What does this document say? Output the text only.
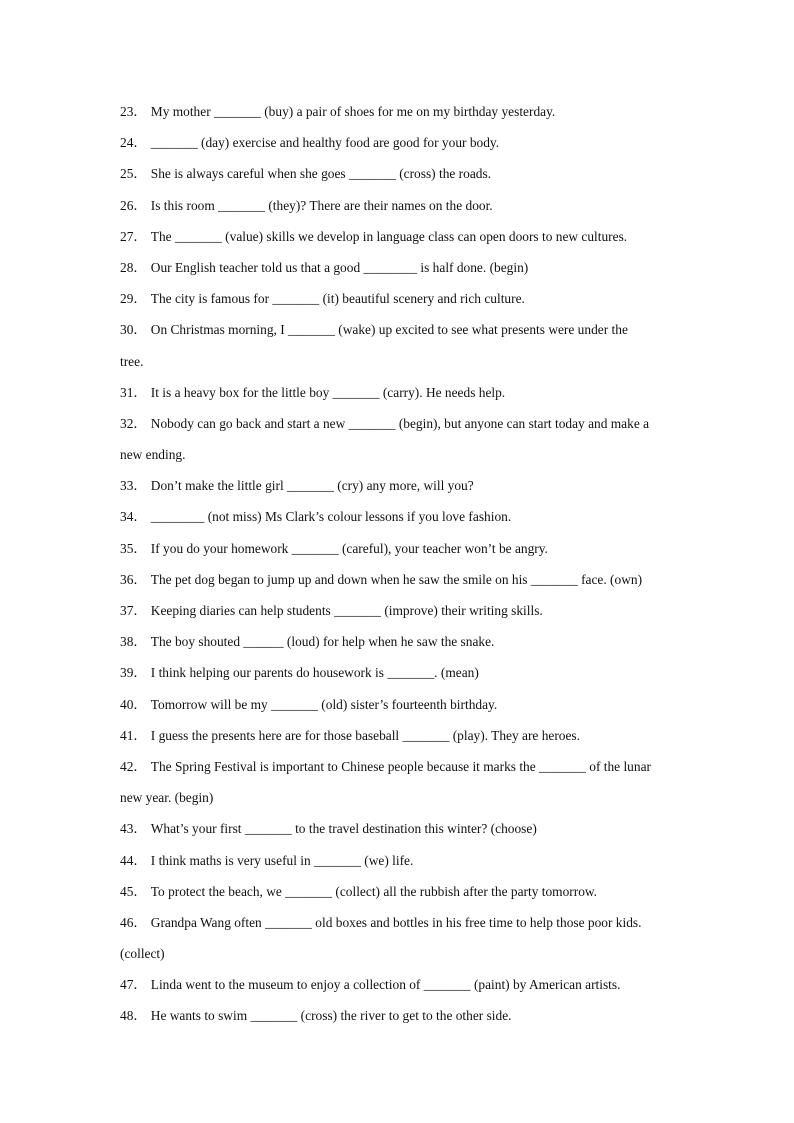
23． My mother _______ (buy) a pair of shoes for me on my birthday yesterday.
24． _______ (day) exercise and healthy food are good for your body.
25． She is always careful when she goes _______ (cross) the roads.
26． Is this room _______ (they)? There are their names on the door.
27． The _______ (value) skills we develop in language class can open doors to new cultures.
28． Our English teacher told us that a good ________ is half done. (begin)
29． The city is famous for _______ (it) beautiful scenery and rich culture.
30． On Christmas morning, I _______ (wake) up excited to see what presents were under the
tree.
31． It is a heavy box for the little boy _______ (carry). He needs help.
32． Nobody can go back and start a new _______ (begin), but anyone can start today and make a
new ending.
33． Don’t make the little girl _______ (cry) any more, will you?
34． ________ (not miss) Ms Clark’s colour lessons if you love fashion.
35． If you do your homework _______ (careful), your teacher won’t be angry.
36． The pet dog began to jump up and down when he saw the smile on his _______ face. (own)
37． Keeping diaries can help students _______ (improve) their writing skills.
38． The boy shouted ______ (loud) for help when he saw the snake.
39． I think helping our parents do housework is _______. (mean)
40． Tomorrow will be my _______ (old) sister’s fourteenth birthday.
41． I guess the presents here are for those baseball _______ (play). They are heroes.
42． The Spring Festival is important to Chinese people because it marks the _______ of the lunar
new year. (begin)
43． What’s your first _______ to the travel destination this winter? (choose)
44． I think maths is very useful in _______ (we) life.
45． To protect the beach, we _______ (collect) all the rubbish after the party tomorrow.
46． Grandpa Wang often _______ old boxes and bottles in his free time to help those poor kids.
(collect)
47． Linda went to the museum to enjoy a collection of _______ (paint) by American artists.
48． He wants to swim _______ (cross) the river to get to the other side.
